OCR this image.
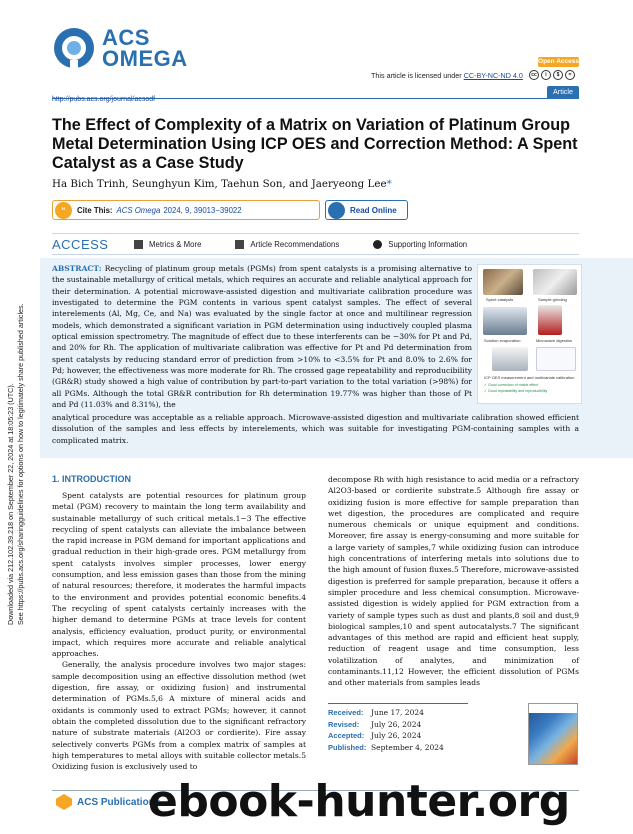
Downloaded via 212.102.39.218 on September 22, 2024 at 18:05:23 (UTC). See https://pubs.acs.org/sharingguidelines for options on how to legitimately share published articles.
ACS
OMEGA	Open Access
This article is licensed under CC-BY-NC-ND 4.0	cc	i	$	=
http://pubs.acs.org/journal/acsodf
Article
The Effect of Complexity of a Matrix on Variation of Platinum Group Metal Determination Using ICP OES and Correction Method: A Spent Catalyst as a Case Study
Ha Bich Trinh, Seunghyun Kim, Taehun Son, and Jaeryeong Lee*
“	Cite This: ACS Omega 2024, 9, 39013−39022	Read Online
ACCESS	Metrics & More	Article Recommendations	Supporting Information
ABSTRACT: Recycling of platinum group metals (PGMs) from spent catalysts is a promising alternative to the sustainable metallurgy of critical metals, which requires an accurate and reliable analytical approach for their determination. A potential microwave-assisted digestion and multivariate calibration procedure was investigated to determine the PGM contents in various spent catalyst samples. The effect of several interelements (Al, Mg, Ce, and Na) was evaluated by the single factor at once and multilinear regression models, which demonstrated a significant variation in PGM determination using inductively coupled plasma optical emission spectrometry. The magnitude of effect due to these interferents can be −30% for Pt and Pd, and 20% for Rh. The application of multivariate calibration was effective for Pt and Pd determination from spent catalysts by reducing standard error of prediction from >10% to <3.5% for Pt and 8.0% to 2.6% for Pd; however, the effectiveness was more moderate for Rh. The crossed gage repeatability and reproducibility (GR&R) study showed a high value of contribution by part-to-part variation to the total variation (>98%) for all PGMs. Although the total GR&R contribution for Rh determination 19.77% was higher than those of Pt and Pd (11.03% and 8.31%), the
analytical procedure was acceptable as a reliable approach. Microwave-assisted digestion and multivariate calibration showed efficient dissolution of the samples and less effects by interelements, which was suitable for investigating PGM-containing samples with a complicated matrix.
Spent catalysts	Sample grinding
Solution evaporation	Microwave digestion
ICP OES measurement and multivariate calibration
✓ Good correction of matrix effect
✓ Good repeatability and reproducibility
1. INTRODUCTION

Spent catalysts are potential resources for platinum group metal (PGM) recovery to maintain the long term availability and sustainable metallurgy of such critical metals.1−3 The effective recycling of spent catalysts can alleviate the imbalance between the rapid increase in PGM demand for important applications and gradual reduction in their high-grade ores. PGM metallurgy from spent catalysts involves simpler processes, lower energy consumption, and less emission gases than those from the mining of natural resources; therefore, it moderates the harmful impacts to the environment and provides potential economic benefits.4 The recycling of spent catalysts certainly increases with the higher demand to determine PGMs at trace levels for content analysis, efficiency evaluation, product purity, or environmental impact, which requires more accurate and reliable analytical approaches.

Generally, the analysis procedure involves two major stages: sample decomposition using an effective dissolution method (wet digestion, fire assay, or oxidizing fusion) and instrumental determination of PGMs.5,6 A mixture of mineral acids and oxidants is commonly used to extract PGMs; however, it cannot obtain the completed dissolution due to the significant refractory nature of substrate materials (Al2O3 or cordierite). Fire assay selectively converts PGMs from a complex matrix of samples at high temperatures to metal alloys with suitable collector metals.5 Oxidizing fusion is exclusively used to

decompose Rh with high resistance to acid media or a refractory Al2O3-based or cordierite substrate.5 Although fire assay or oxidizing fusion is more effective for sample preparation than wet digestion, the procedures are complicated and require numerous chemicals or unique equipment and conditions. Moreover, fire assay is energy-consuming and more suitable for a large variety of samples,7 while oxidizing fusion can introduce high concentrations of interfering metals into solutions due to the high amount of fusion fluxes.5 Therefore, microwave-assisted digestion is preferred for sample preparation, because it offers a simpler procedure and less chemical consumption. Microwave-assisted digestion is widely applied for PGM extraction from a variety of sample types such as dust and plants,8 soil and dust,9 biological samples,10 and spent autocatalysts.7 The significant advantages of this method are rapid and efficient heat supply, reduction of reagent usage and time consumption, less volatilization of analytes, and minimization of contaminants.11,12 However, the efficient dissolution of PGMs and other materials from samples leads

Received:	June 17, 2024
Revised:	July 26, 2024
Accepted: July 26, 2024
Published: September 4, 2024
ACS Publications
ebook-hunter.org
